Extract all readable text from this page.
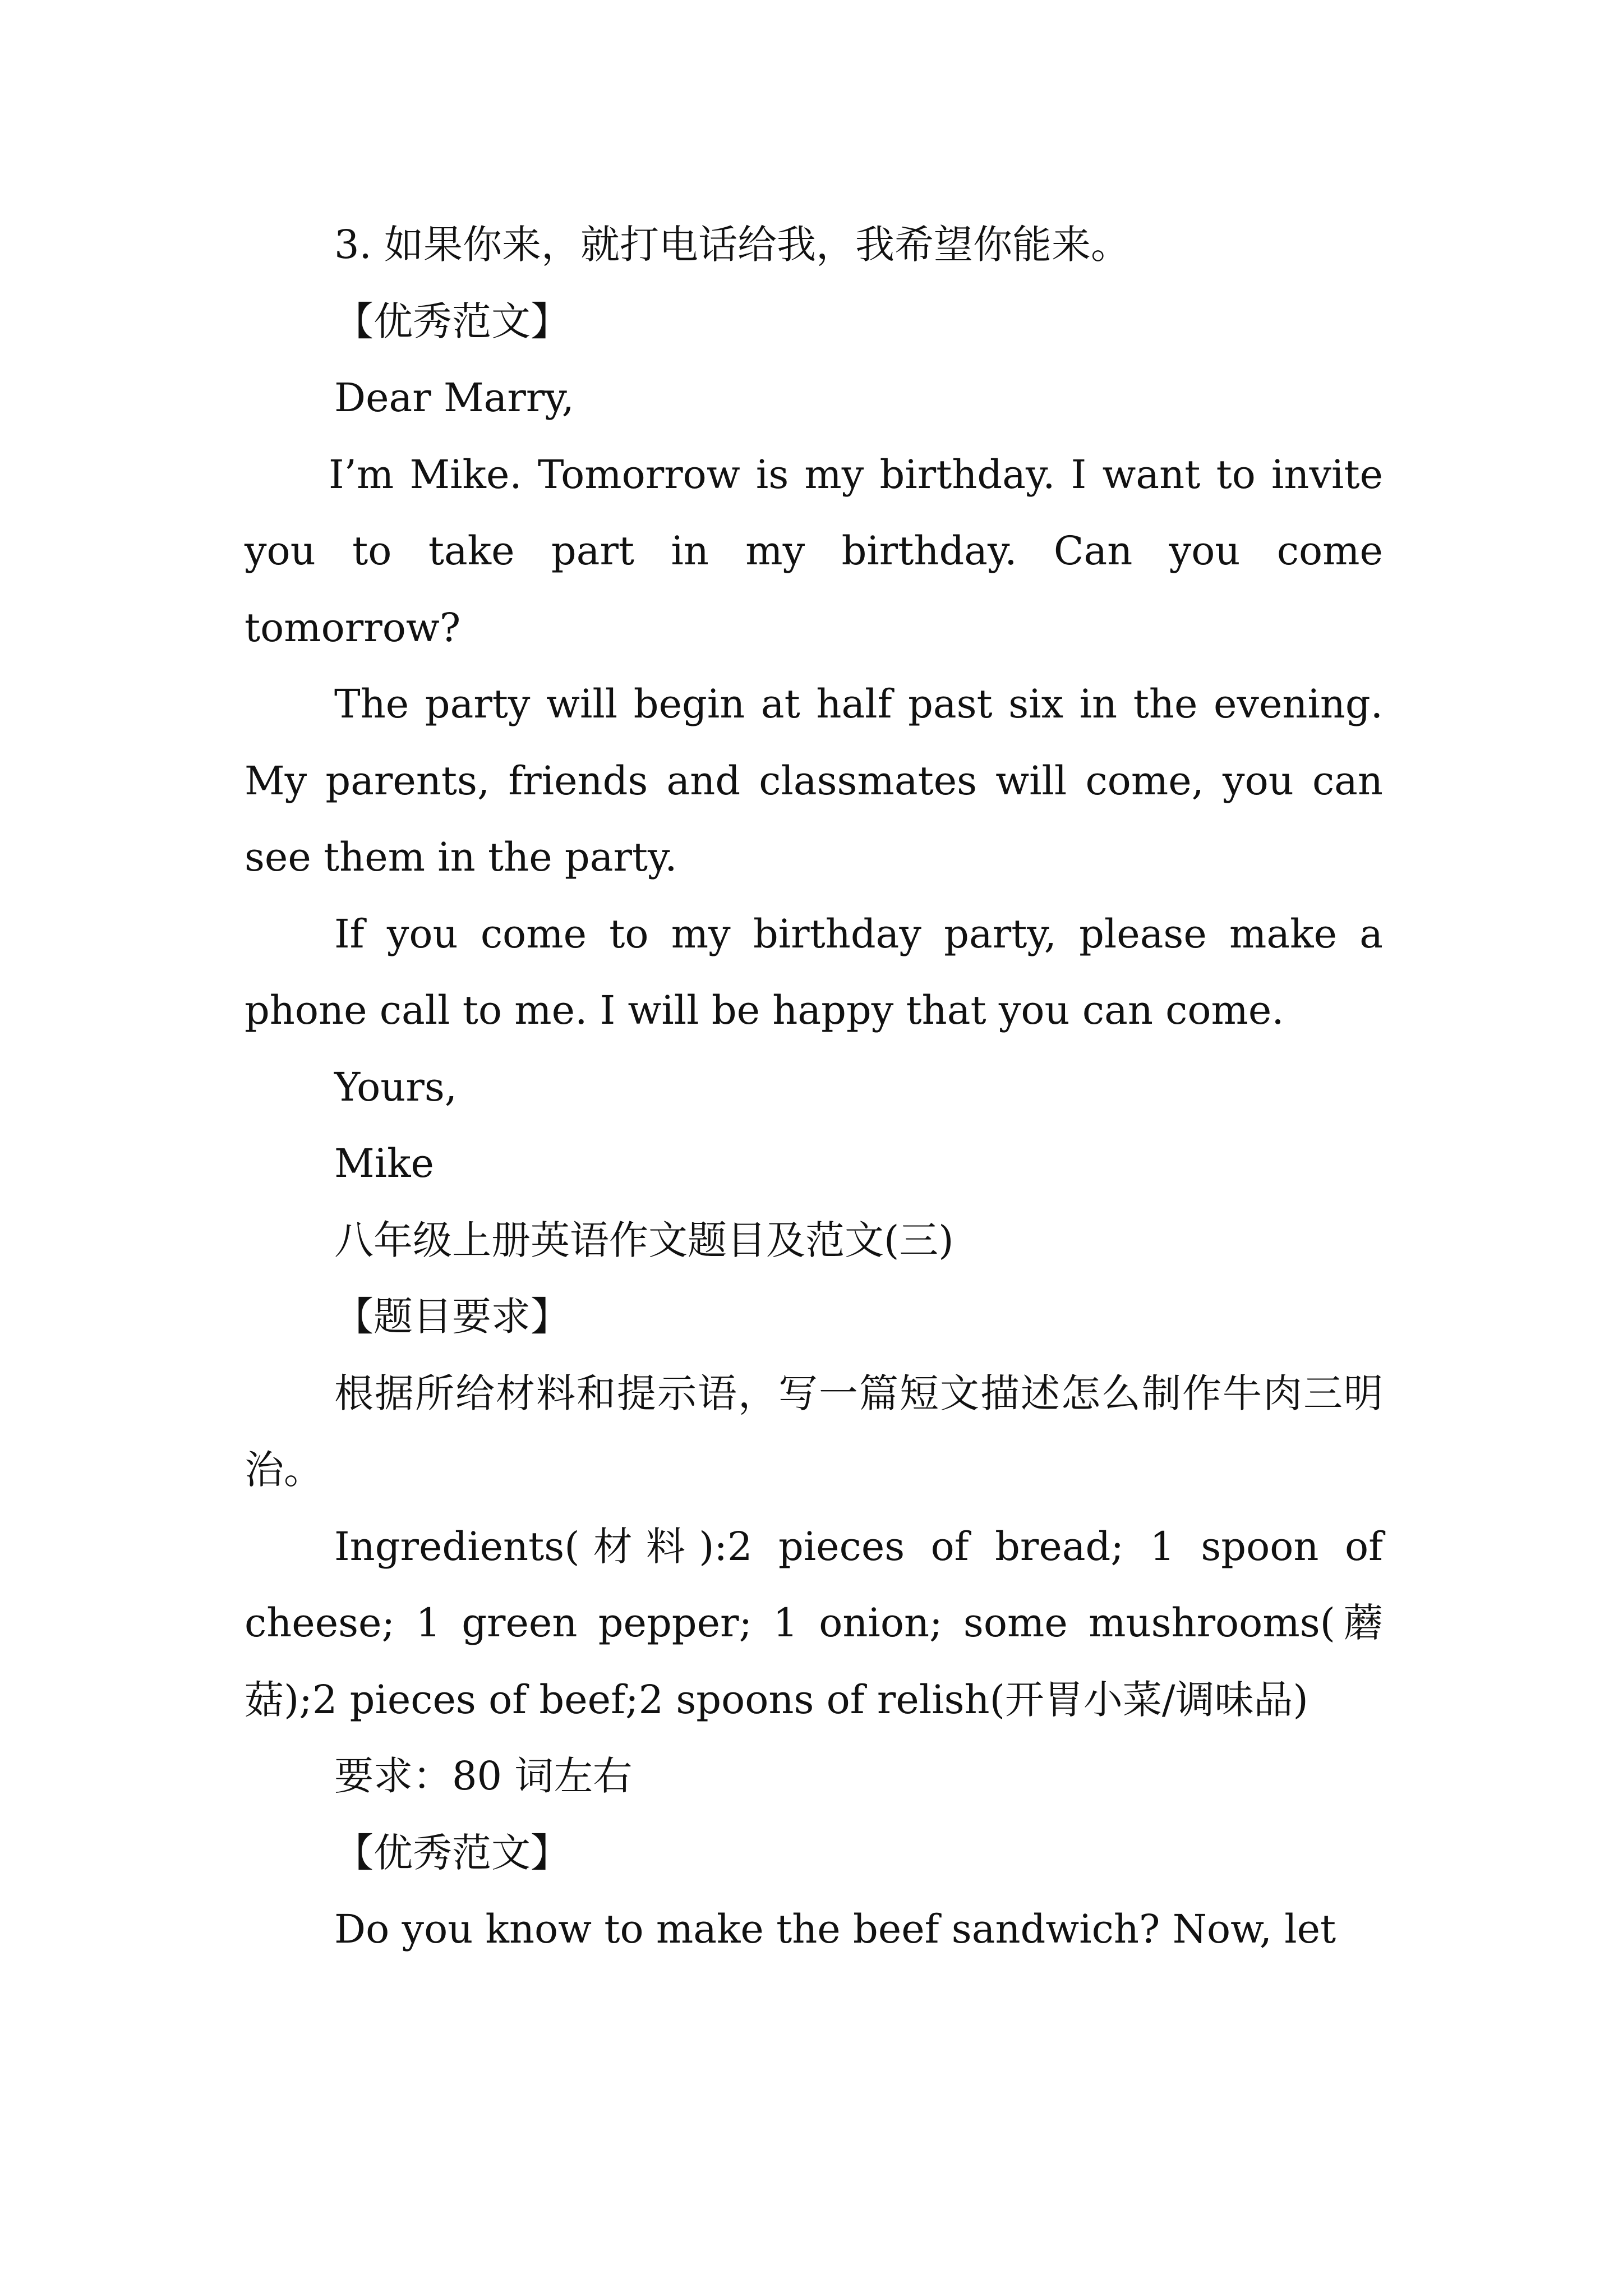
3. 如果你来，就打电话给我，我希望你能来。

【优秀范文】

Dear Marry,

I’m Mike. Tomorrow is my birthday. I want to invite you to take part in my birthday. Can you come tomorrow?

The party will begin at half past six in the evening. My parents, friends and classmates will come, you can see them in the party.

If you come to my birthday party, please make a phone call to me. I will be happy that you can come.

Yours,

Mike

八年级上册英语作文题目及范文(三)

【题目要求】

根据所给材料和提示语，写一篇短文描述怎么制作牛肉三明治。

Ingredients(材料):2 pieces of bread; 1 spoon of cheese; 1 green pepper; 1 onion; some mushrooms(蘑菇);2 pieces of beef;2 spoons of relish(开胃小菜/调味品)

要求：80 词左右

【优秀范文】

Do you know to make the beef sandwich? Now, let
